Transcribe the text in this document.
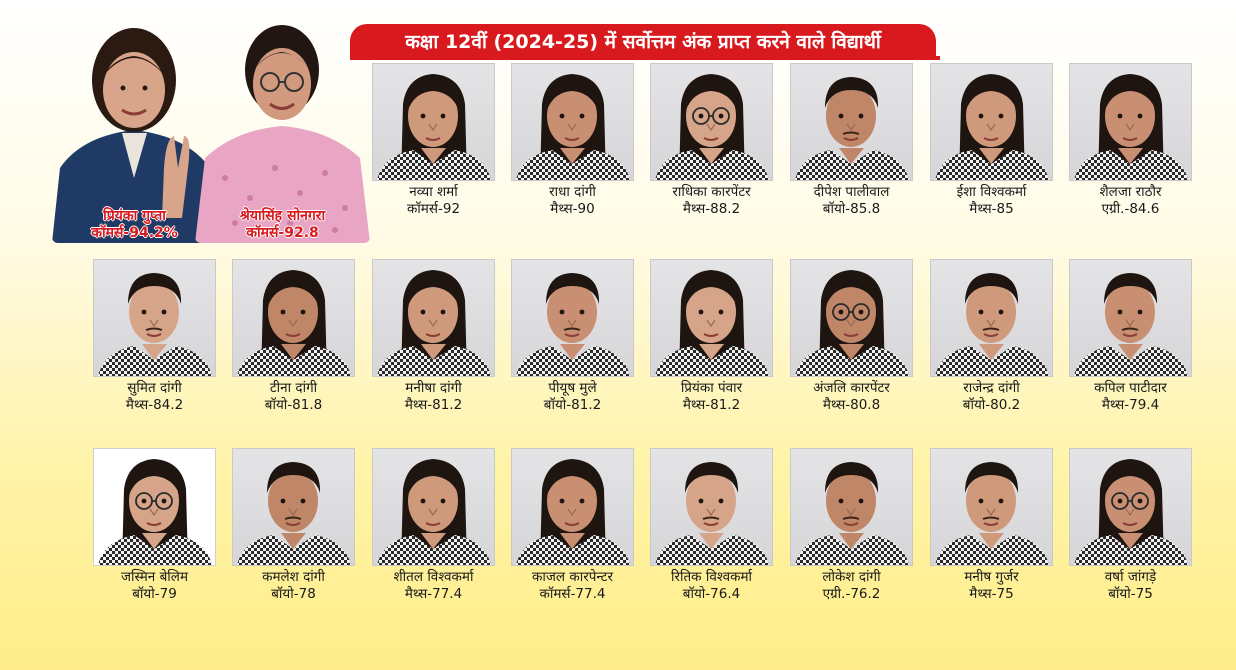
कक्षा 12वीं (2024-25) में सर्वोत्तम अंक प्राप्त करने वाले विद्यार्थी
प्रियंका गुप्ता
कॉमर्स-94.2%
श्रेयासिंह सोनगरा
कॉमर्स-92.8
नव्या शर्मा
कॉमर्स-92
राधा दांगी
मैथ्स-90
राधिका कारपेंटर
मैथ्स-88.2
दीपेश पालीवाल
बॉयो-85.8
ईशा विश्वकर्मा
मैथ्स-85
शैलजा राठौर
एग्री.-84.6
सुमित दांगी
मैथ्स-84.2
टीना दांगी
बॉयो-81.8
मनीषा दांगी
मैथ्स-81.2
पीयूष मुले
बॉयो-81.2
प्रियंका पंवार
मैथ्स-81.2
अंजलि कारपेंटर
मैथ्स-80.8
राजेन्द्र दांगी
बॉयो-80.2
कपिल पाटीदार
मैथ्स-79.4
जस्मिन बेलिम
बॉयो-79
कमलेश दांगी
बॉयो-78
शीतल विश्वकर्मा
मैथ्स-77.4
काजल कारपेन्टर
कॉमर्स-77.4
रितिक विश्वकर्मा
बॉयो-76.4
लोकेश दांगी
एग्री.-76.2
मनीष गुर्जर
मैथ्स-75
वर्षा जांगड़े
बॉयो-75
